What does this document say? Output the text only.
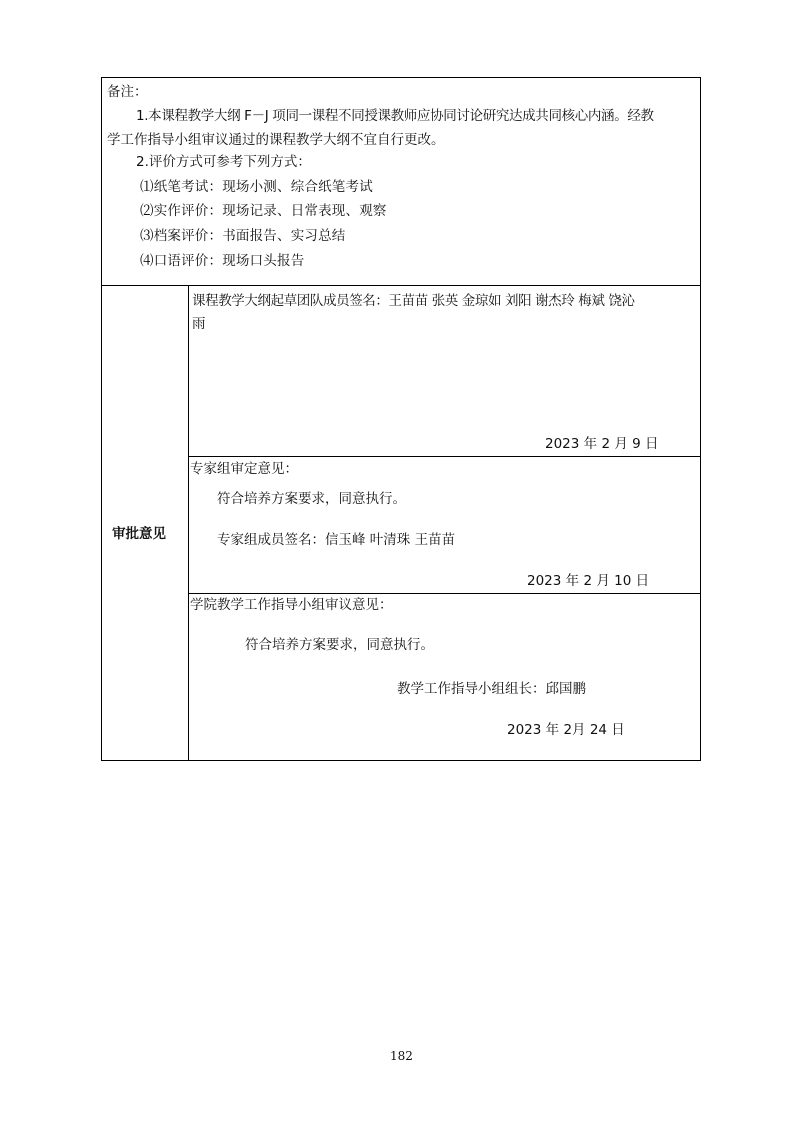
备注：
1.本课程教学大纲 F－J 项同一课程不同授课教师应协同讨论研究达成共同核心内涵。经教
学工作指导小组审议通过的课程教学大纲不宜自行更改。
2.评价方式可参考下列方式：
⑴纸笔考试：现场小测、综合纸笔考试
⑵实作评价：现场记录、日常表现、观察
⑶档案评价：书面报告、实习总结
⑷口语评价：现场口头报告
审批意见
课程教学大纲起草团队成员签名：王苗苗 张英 金琼如 刘阳 谢杰玲 梅斌 饶沁
雨
2023 年 2 月 9 日
专家组审定意见：
符合培养方案要求，同意执行。
专家组成员签名：信玉峰 叶清珠 王苗苗
2023 年 2 月 10 日
学院教学工作指导小组审议意见：
符合培养方案要求，同意执行。
教学工作指导小组组长：邱国鹏
2023 年 2月 24 日
182
